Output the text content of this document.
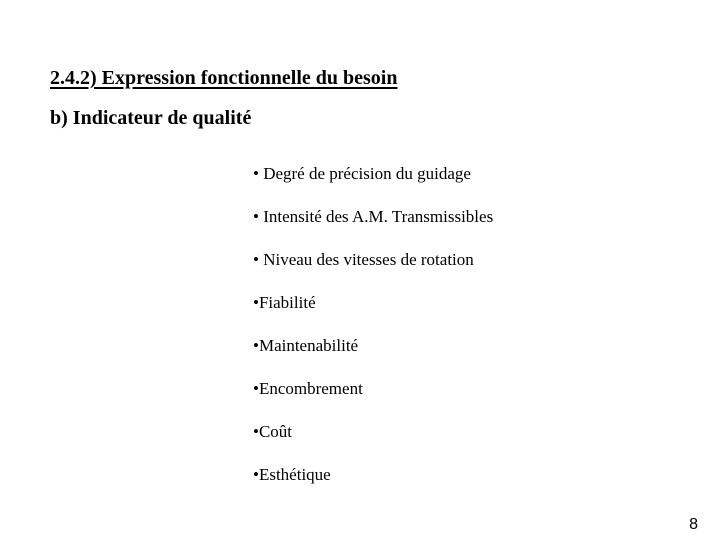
2.4.2) Expression fonctionnelle du besoin
b) Indicateur de qualité
• Degré de précision du guidage
• Intensité des A.M. Transmissibles
• Niveau des vitesses de rotation
•Fiabilité
•Maintenabilité
•Encombrement
•Coût
•Esthétique
8
